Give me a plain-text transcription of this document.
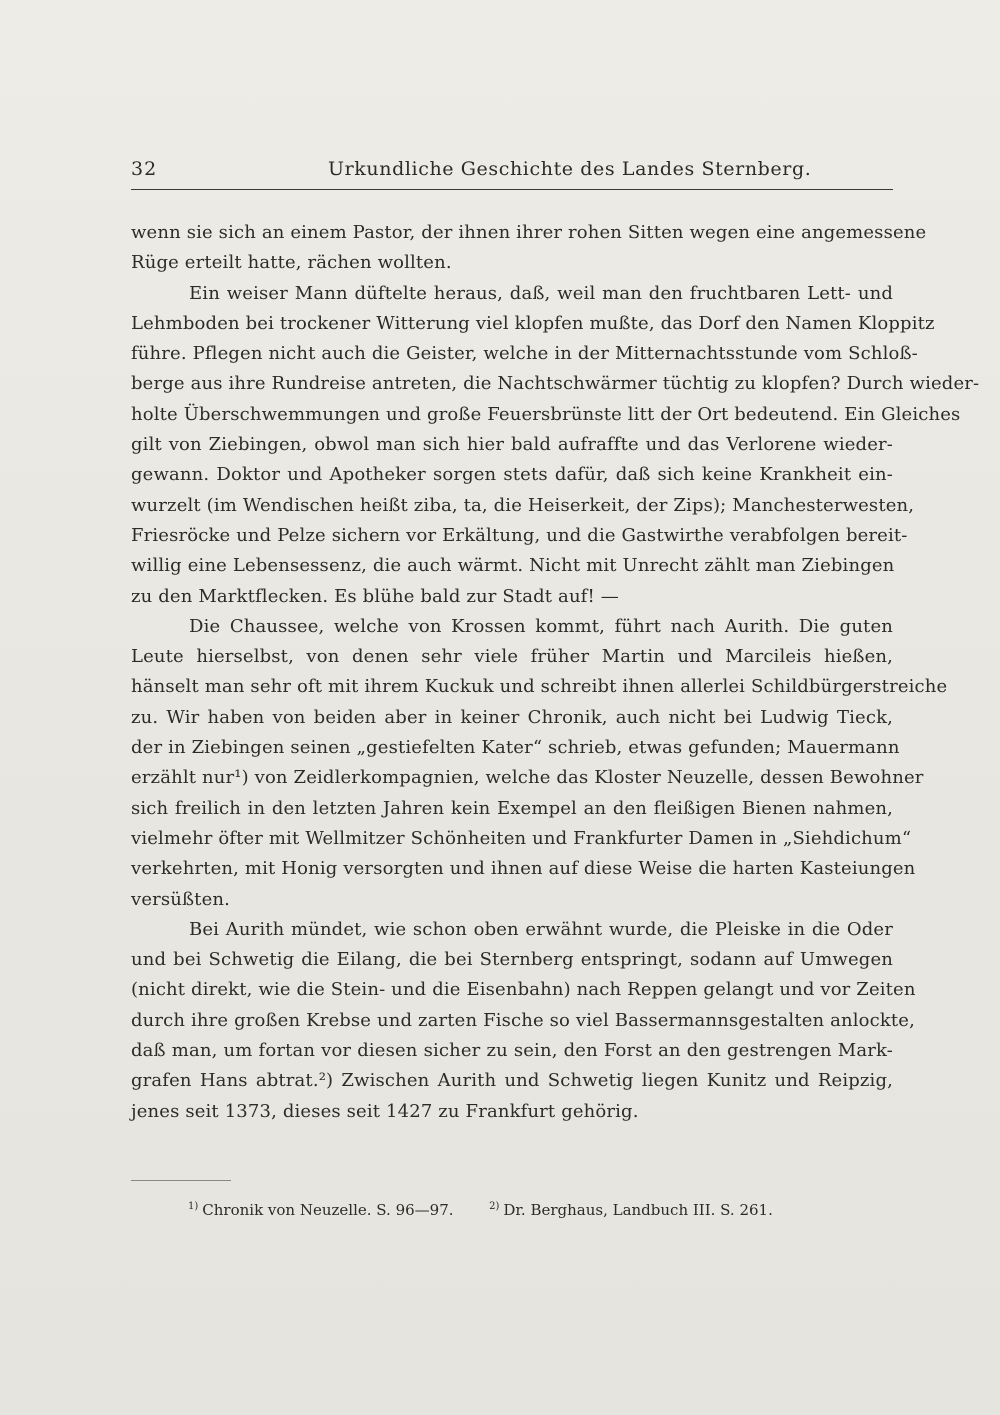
32	Urkundliche Geschichte des Landes Sternberg.
wenn sie sich an einem Pastor, der ihnen ihrer rohen Sitten wegen eine angemessene
Rüge erteilt hatte, rächen wollten.
Ein weiser Mann düftelte heraus, daß, weil man den fruchtbaren Lett- und
Lehmboden bei trockener Witterung viel klopfen mußte, das Dorf den Namen Kloppitz
führe. Pflegen nicht auch die Geister, welche in der Mitternachtsstunde vom Schloß-
berge aus ihre Rundreise antreten, die Nachtschwärmer tüchtig zu klopfen? Durch wieder-
holte Überschwemmungen und große Feuersbrünste litt der Ort bedeutend. Ein Gleiches
gilt von Ziebingen, obwol man sich hier bald aufraffte und das Verlorene wieder-
gewann. Doktor und Apotheker sorgen stets dafür, daß sich keine Krankheit ein-
wurzelt (im Wendischen heißt ziba, ta, die Heiserkeit, der Zips); Manchesterwesten,
Friesröcke und Pelze sichern vor Erkältung, und die Gastwirthe verabfolgen bereit-
willig eine Lebensessenz, die auch wärmt. Nicht mit Unrecht zählt man Ziebingen
zu den Marktflecken. Es blühe bald zur Stadt auf! —
Die Chaussee, welche von Krossen kommt, führt nach Aurith. Die guten
Leute hierselbst, von denen sehr viele früher Martin und Marcileis hießen,
hänselt man sehr oft mit ihrem Kuckuk und schreibt ihnen allerlei Schildbürgerstreiche
zu. Wir haben von beiden aber in keiner Chronik, auch nicht bei Ludwig Tieck,
der in Ziebingen seinen „gestiefelten Kater“ schrieb, etwas gefunden; Mauermann
erzählt nur¹) von Zeidlerkompagnien, welche das Kloster Neuzelle, dessen Bewohner
sich freilich in den letzten Jahren kein Exempel an den fleißigen Bienen nahmen,
vielmehr öfter mit Wellmitzer Schönheiten und Frankfurter Damen in „Siehdichum“
verkehrten, mit Honig versorgten und ihnen auf diese Weise die harten Kasteiungen
versüßten.
Bei Aurith mündet, wie schon oben erwähnt wurde, die Pleiske in die Oder
und bei Schwetig die Eilang, die bei Sternberg entspringt, sodann auf Umwegen
(nicht direkt, wie die Stein- und die Eisenbahn) nach Reppen gelangt und vor Zeiten
durch ihre großen Krebse und zarten Fische so viel Bassermannsgestalten anlockte,
daß man, um fortan vor diesen sicher zu sein, den Forst an den gestrengen Mark-
grafen Hans abtrat.²) Zwischen Aurith und Schwetig liegen Kunitz und Reipzig,
jenes seit 1373, dieses seit 1427 zu Frankfurt gehörig.
$^{1)}$ Chronik von Neuzelle. S. 96—97.	$^{2)}$ Dr. Berghaus, Landbuch III. S. 261.
